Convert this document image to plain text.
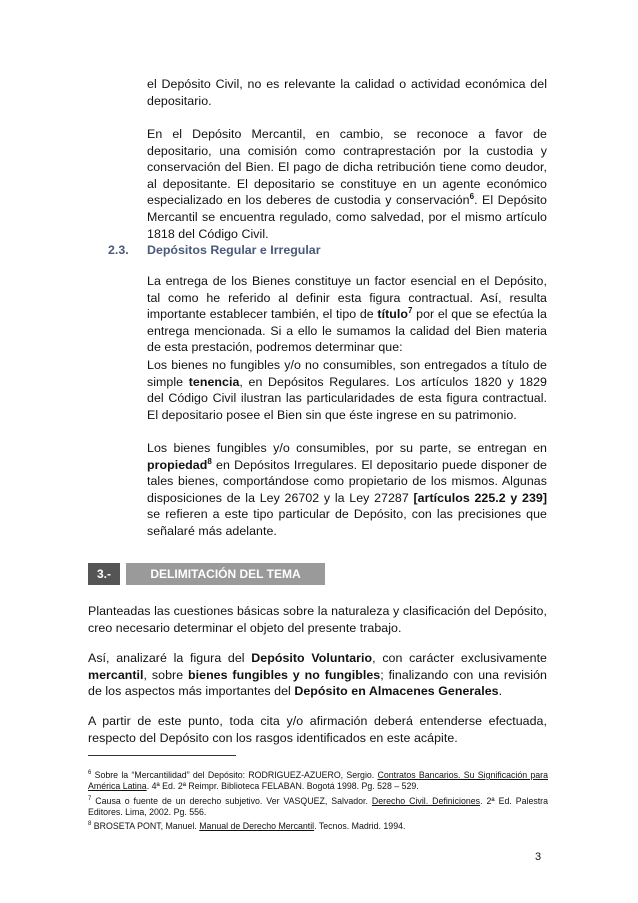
el Depósito Civil, no es relevante la calidad o actividad económica del depositario.

En el Depósito Mercantil, en cambio, se reconoce a favor de depositario, una comisión como contraprestación por la custodia y conservación del Bien. El pago de dicha retribución tiene como deudor, al depositante. El depositario se constituye en un agente económico especializado en los deberes de custodia y conservación$^6$. El Depósito Mercantil se encuentra regulado, como salvedad, por el mismo artículo 1818 del Código Civil.

2.3. Depósitos Regular e Irregular

La entrega de los Bienes constituye un factor esencial en el Depósito, tal como he referido al definir esta figura contractual. Así, resulta importante establecer también, el tipo de título$^7$ por el que se efectúa la entrega mencionada. Si a ello le sumamos la calidad del Bien materia de esta prestación, podremos determinar que:

Los bienes no fungibles y/o no consumibles, son entregados a título de simple tenencia, en Depósitos Regulares. Los artículos 1820 y 1829 del Código Civil ilustran las particularidades de esta figura contractual. El depositario posee el Bien sin que éste ingrese en su patrimonio.

Los bienes fungibles y/o consumibles, por su parte, se entregan en propiedad$^8$ en Depósitos Irregulares. El depositario puede disponer de tales bienes, comportándose como propietario de los mismos. Algunas disposiciones de la Ley 26702 y la Ley 27287 [artículos 225.2 y 239] se refieren a este tipo particular de Depósito, con las precisiones que señalaré más adelante.

3.-	DELIMITACIÓN DEL TEMA

Planteadas las cuestiones básicas sobre la naturaleza y clasificación del Depósito, creo necesario determinar el objeto del presente trabajo.

Así, analizaré la figura del Depósito Voluntario, con carácter exclusivamente mercantil, sobre bienes fungibles y no fungibles; finalizando con una revisión de los aspectos más importantes del Depósito en Almacenes Generales.

A partir de este punto, toda cita y/o afirmación deberá entenderse efectuada, respecto del Depósito con los rasgos identificados en este acápite.

$^6$ Sobre la “Mercantilidad” del Depósito: RODRIGUEZ-AZUERO, Sergio. Contratos Bancarios. Su Significación para América Latina. 4ª Ed. 2ª Reimpr. Biblioteca FELABAN. Bogotá 1998. Pg. 528 – 529.

$^7$ Causa o fuente de un derecho subjetivo. Ver VASQUEZ, Salvador. Derecho Civil. Definiciones. 2ª Ed. Palestra Editores. Lima, 2002. Pg. 556.

$^8$ BROSETA PONT, Manuel. Manual de Derecho Mercantil. Tecnos. Madrid. 1994.

3
